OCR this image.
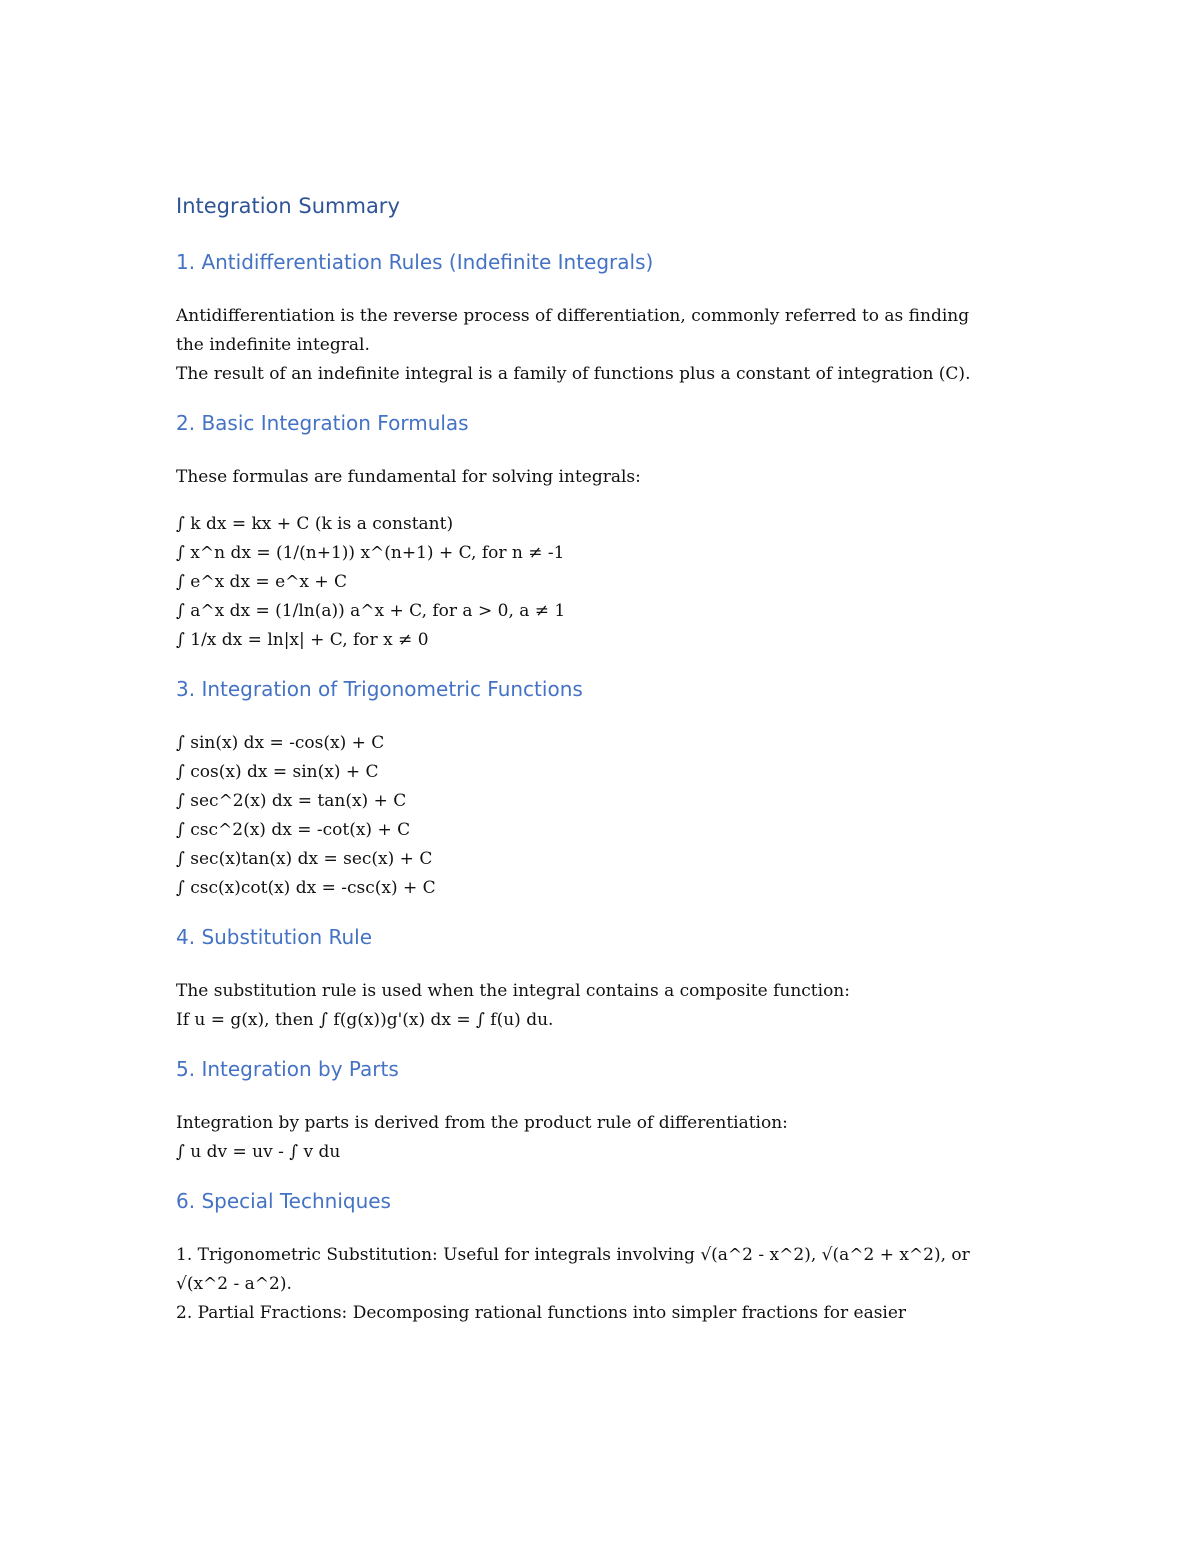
Integration Summary
1. Antidifferentiation Rules (Indefinite Integrals)

Antidifferentiation is the reverse process of differentiation, commonly referred to as finding

the indefinite integral.

The result of an indefinite integral is a family of functions plus a constant of integration (C).

2. Basic Integration Formulas

These formulas are fundamental for solving integrals:

∫ k dx = kx + C (k is a constant)

∫ x^n dx = (1/(n+1)) x^(n+1) + C, for n ≠ -1

∫ e^x dx = e^x + C

∫ a^x dx = (1/ln(a)) a^x + C, for a > 0, a ≠ 1

∫ 1/x dx = ln|x| + C, for x ≠ 0

3. Integration of Trigonometric Functions

∫ sin(x) dx = -cos(x) + C

∫ cos(x) dx = sin(x) + C

∫ sec^2(x) dx = tan(x) + C

∫ csc^2(x) dx = -cot(x) + C

∫ sec(x)tan(x) dx = sec(x) + C

∫ csc(x)cot(x) dx = -csc(x) + C

4. Substitution Rule

The substitution rule is used when the integral contains a composite function:

If u = g(x), then ∫ f(g(x))g'(x) dx = ∫ f(u) du.

5. Integration by Parts

Integration by parts is derived from the product rule of differentiation:

∫ u dv = uv - ∫ v du

6. Special Techniques

1. Trigonometric Substitution: Useful for integrals involving √(a^2 - x^2), √(a^2 + x^2), or

√(x^2 - a^2).

2. Partial Fractions: Decomposing rational functions into simpler fractions for easier
